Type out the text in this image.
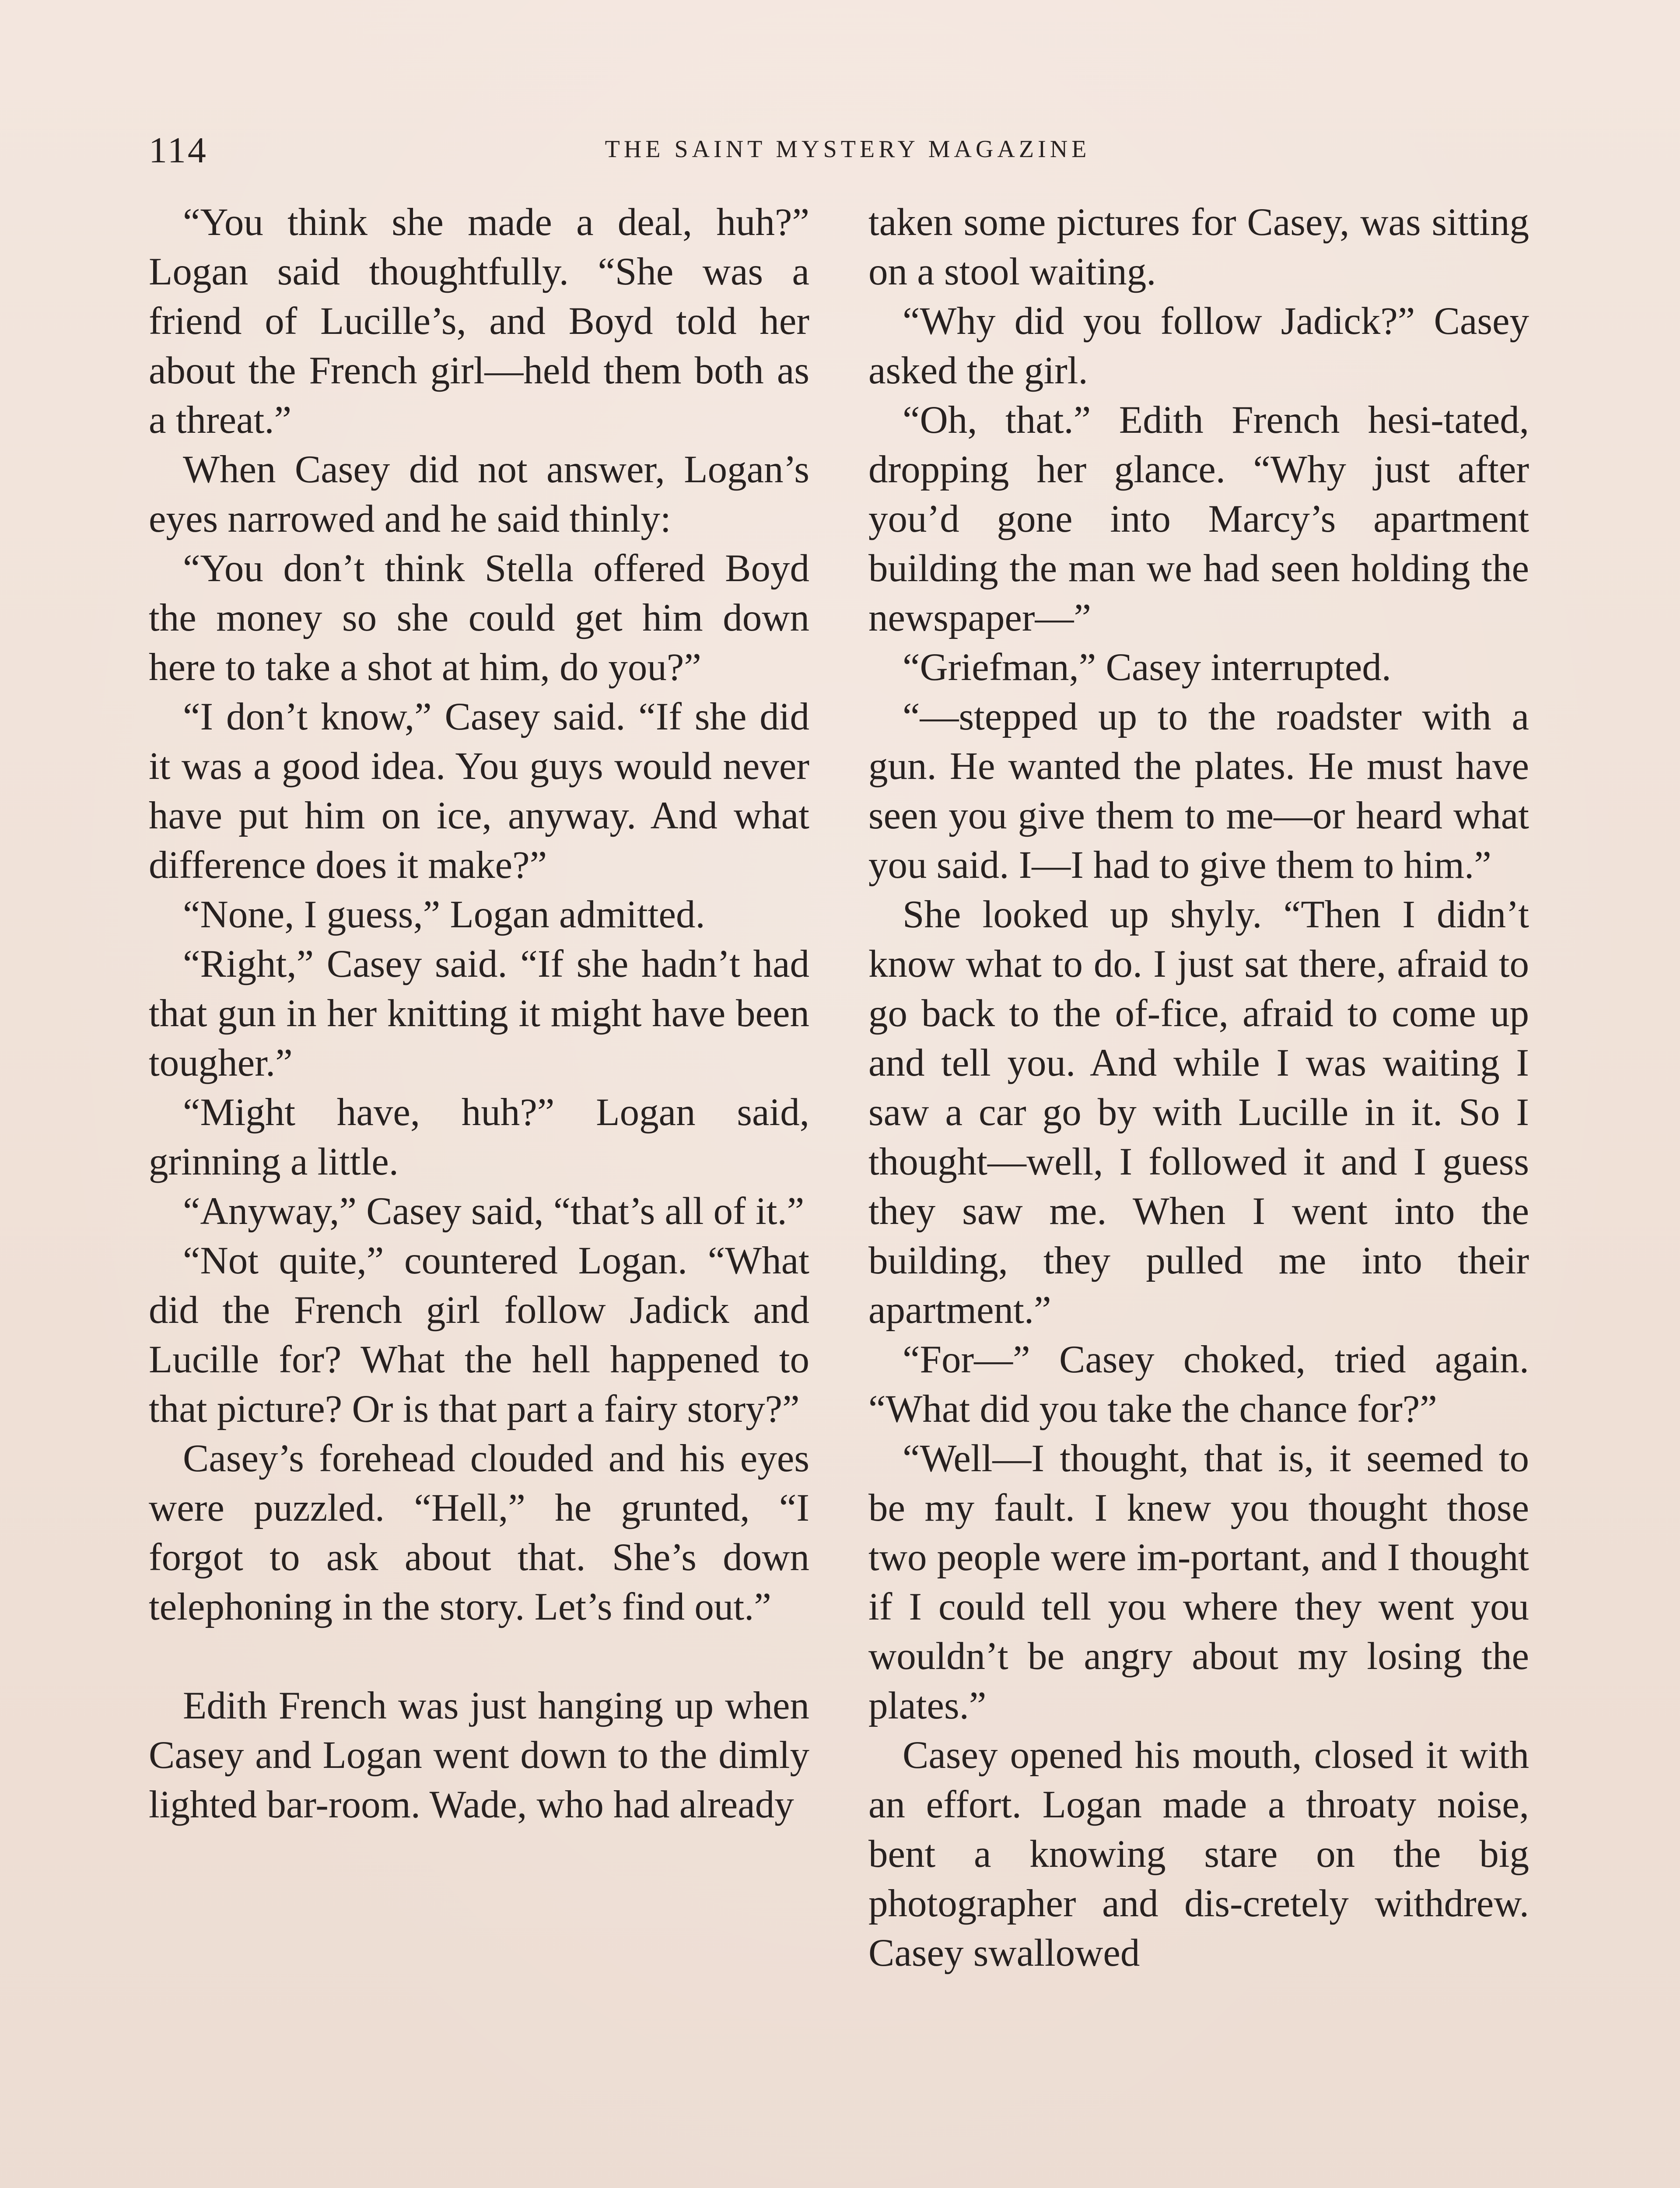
114	THE SAINT MYSTERY MAGAZINE

“You think she made a deal, huh?” Logan said thoughtfully. “She was a friend of Lucille’s, and Boyd told her about the French girl—held them both as a threat.”

When Casey did not answer, Logan’s eyes narrowed and he said thinly:

“You don’t think Stella offered Boyd the money so she could get him down here to take a shot at him, do you?”

“I don’t know,” Casey said. “If she did it was a good idea. You guys would never have put him on ice, anyway. And what difference does it make?”

“None, I guess,” Logan admitted.

“Right,” Casey said. “If she hadn’t had that gun in her knitting it might have been tougher.”

“Might have, huh?” Logan said, grinning a little.

“Anyway,” Casey said, “that’s all of it.”

“Not quite,” countered Logan. “What did the French girl follow Jadick and Lucille for? What the hell happened to that picture? Or is that part a fairy story?”

Casey’s forehead clouded and his eyes were puzzled. “Hell,” he grunted, “I forgot to ask about that. She’s down telephoning in the story. Let’s find out.”

Edith French was just hanging up when Casey and Logan went down to the dimly lighted bar-room. Wade, who had already

taken some pictures for Casey, was sitting on a stool waiting.

“Why did you follow Jadick?” Casey asked the girl.

“Oh, that.” Edith French hesi-tated, dropping her glance. “Why just after you’d gone into Marcy’s apartment building the man we had seen holding the newspaper—”

“Griefman,” Casey interrupted.

“—stepped up to the roadster with a gun. He wanted the plates. He must have seen you give them to me—or heard what you said. I—I had to give them to him.”

She looked up shyly. “Then I didn’t know what to do. I just sat there, afraid to go back to the of-fice, afraid to come up and tell you. And while I was waiting I saw a car go by with Lucille in it. So I thought—well, I followed it and I guess they saw me. When I went into the building, they pulled me into their apartment.”

“For—” Casey choked, tried again. “What did you take the chance for?”

“Well—I thought, that is, it seemed to be my fault. I knew you thought those two people were im-portant, and I thought if I could tell you where they went you wouldn’t be angry about my losing the plates.”

Casey opened his mouth, closed it with an effort. Logan made a throaty noise, bent a knowing stare on the big photographer and dis-cretely withdrew. Casey swallowed
